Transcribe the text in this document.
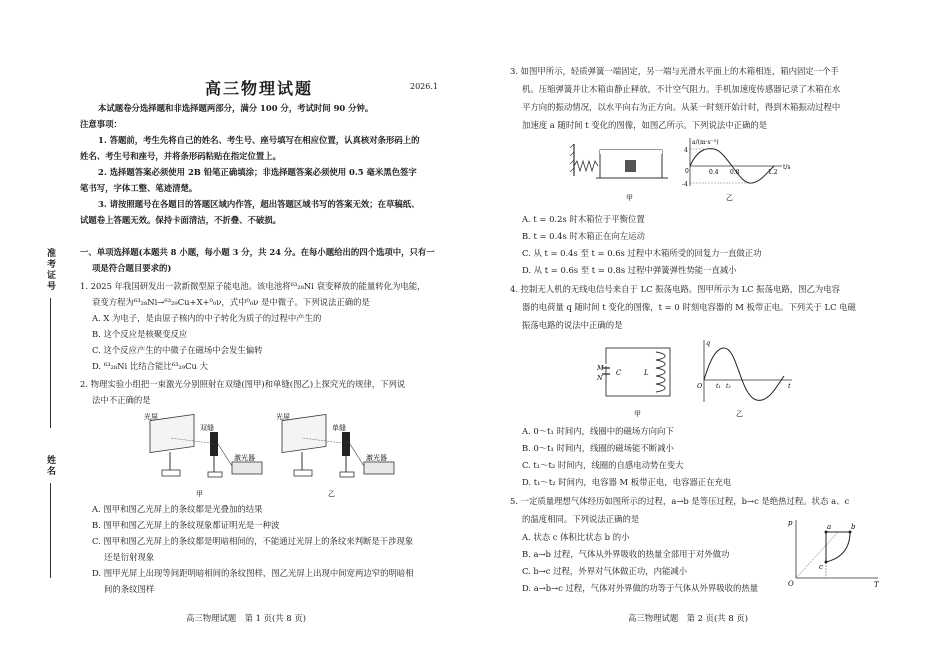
准考证号
姓名
高三物理试题	2026.1
本试题卷分选择题和非选择题两部分，满分 100 分，考试时间 90 分钟。
注意事项：
1. 答题前，考生先将自己的姓名、考生号、座号填写在相应位置，认真核对条形码上的
姓名、考生号和座号，并将条形码粘贴在指定位置上。
2. 选择题答案必须使用 2B 铅笔正确填涂；非选择题答案必须使用 0.5 毫米黑色签字
笔书写，字体工整、笔迹清楚。
3. 请按照题号在各题目的答题区域内作答，超出答题区域书写的答案无效；在草稿纸、
试题卷上答题无效。保持卡面清洁，不折叠、不破损。
一、单项选择题(本题共 8 小题，每小题 3 分，共 24 分。在每小题给出的四个选项中，只有一
项是符合题目要求的)
1. 2025 年我国研发出一款新微型原子能电池。该电池将⁶³₂₈Ni 衰变释放的能量转化为电能，
衰变方程为⁶³₂₈Ni→⁶³₂₉Cu+X+⁰₀ν，式中⁰₀ν 是中微子。下列说法正确的是
A. X 为电子，是由原子核内的中子转化为质子的过程中产生的
B. 这个反应是核聚变反应
C. 这个反应产生的中微子在磁场中会发生偏转
D. ⁶³₂₈Ni 比结合能比⁶³₂₉Cu 大
2. 物理实验小组把一束激光分别照射在双缝(图甲)和单缝(图乙)上探究光的规律，下列说
法中不正确的是
光屏
双缝
激光器
甲
光屏
单缝
激光器
乙
A. 图甲和图乙光屏上的条纹都是光叠加的结果
B. 图甲和图乙光屏上的条纹现象都证明光是一种波
C. 图甲和图乙光屏上的条纹都是明暗相间的，不能通过光屏上的条纹来判断是干涉现象
还是衍射现象
D. 图甲光屏上出现等间距明暗相间的条纹图样，图乙光屏上出现中间宽两边窄的明暗相
间的条纹图样
高三物理试题　第 1 页(共 8 页)
3. 如图甲所示，轻质弹簧一端固定，另一端与光滑水平面上的木箱相连，箱内固定一个手
机。压缩弹簧并让木箱由静止释放，不计空气阻力。手机加速度传感器记录了木箱在水
平方向的振动情况，以水平向右为正方向。从某一时刻开始计时，得到木箱振动过程中
加速度 a 随时间 t 变化的图像，如图乙所示。下列说法中正确的是
甲
a/(m·s⁻²)
t/s
4
-4
0	0.4 0.8	1.2
乙
A. t = 0.2s 时木箱位于平衡位置
B. t = 0.4s 时木箱正在向左运动
C. 从 t = 0.4s 至 t = 0.6s 过程中木箱所受的回复力一直做正功
D. 从 t = 0.6s 至 t = 0.8s 过程中弹簧弹性势能一直减小
4. 控制无人机的无线电信号来自于 LC 振荡电路。图甲所示为 LC 振荡电路，图乙为电容
器的电荷量 q 随时间 t 变化的图像，t = 0 时刻电容器的 M 板带正电。下列关于 LC 电磁
振荡电路的说法中正确的是
M
N
C	L
甲
q
t
O t₁ t₂
乙
A. 0～t₁ 时间内，线圈中的磁场方向向下
B. 0～t₁ 时间内，线圈的磁场能不断减小
C. t₁～t₂ 时间内，线圈的自感电动势在变大
D. t₁～t₂ 时间内，电容器 M 板带正电，电容器正在充电
5. 一定质量理想气体经历如图所示的过程，a→b 是等压过程，b→c 是绝热过程。状态 a、c
的温度相同。下列说法正确的是
A. 状态 c 体积比状态 b 的小
B. a→b 过程，气体从外界吸收的热量全部用于对外做功
C. b→c 过程，外界对气体做正功，内能减小
D. a→b→c 过程，气体对外界做的功等于气体从外界吸收的热量
p
T
O
a	b
c
高三物理试题　第 2 页(共 8 页)
